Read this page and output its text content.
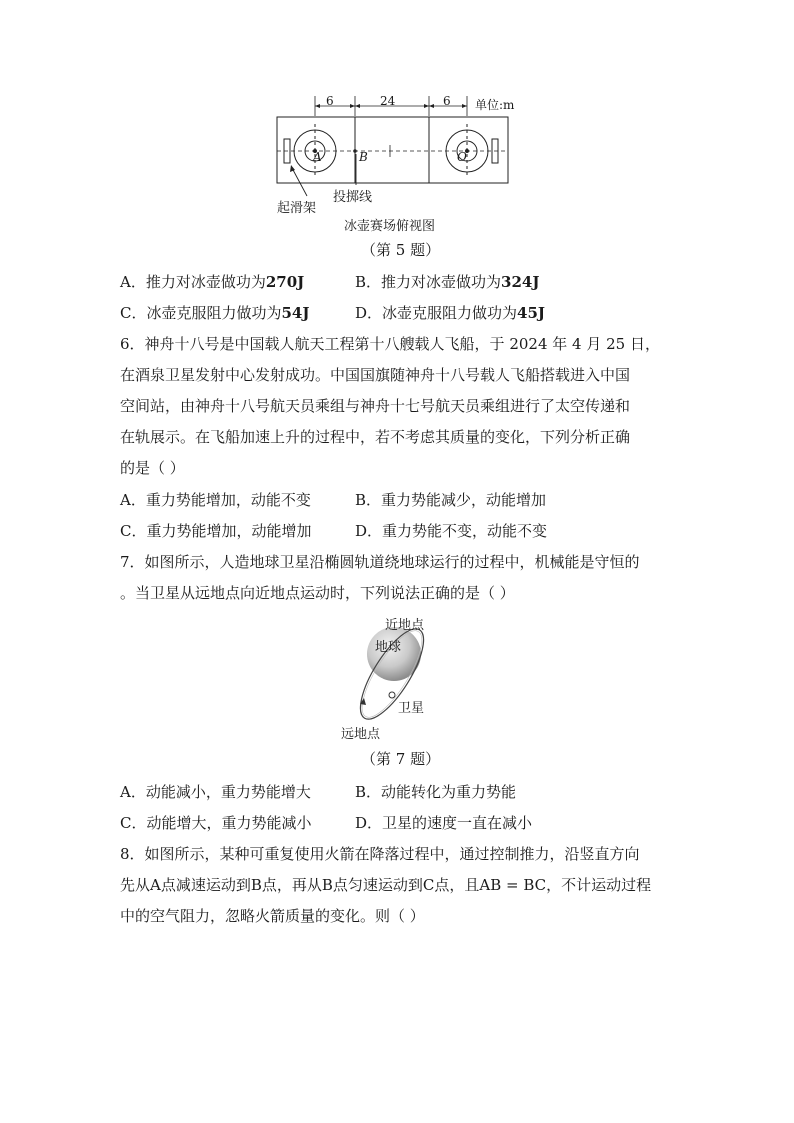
6	24	6 单位:m
A	B	O
投掷线
起滑架
冰壶赛场俯视图
（第 5 题）
A．推力对冰壶做功为270J	B．推力对冰壶做功为324J
C．冰壶克服阻力做功为54J	D．冰壶克服阻力做功为45J
6．神舟十八号是中国载人航天工程第十八艘载人飞船，于 2024 年 4 月 25 日，
在酒泉卫星发射中心发射成功。中国国旗随神舟十八号载人飞船搭载进入中国
空间站，由神舟十八号航天员乘组与神舟十七号航天员乘组进行了太空传递和
在轨展示。在飞船加速上升的过程中，若不考虑其质量的变化，下列分析正确
的是（ ）
A．重力势能增加，动能不变	B．重力势能减少，动能增加
C．重力势能增加，动能增加	D．重力势能不变，动能不变
7．如图所示，人造地球卫星沿椭圆轨道绕地球运行的过程中，机械能是守恒的
。当卫星从远地点向近地点运动时，下列说法正确的是（ ）
近地点
地球
卫星
远地点
（第 7 题）
A．动能减小，重力势能增大	B．动能转化为重力势能
C．动能增大，重力势能减小	D．卫星的速度一直在减小
8．如图所示，某种可重复使用火箭在降落过程中，通过控制推力，沿竖直方向
先从A点减速运动到B点，再从B点匀速运动到C点，且AB = BC，不计运动过程
中的空气阻力，忽略火箭质量的变化。则（ ）
